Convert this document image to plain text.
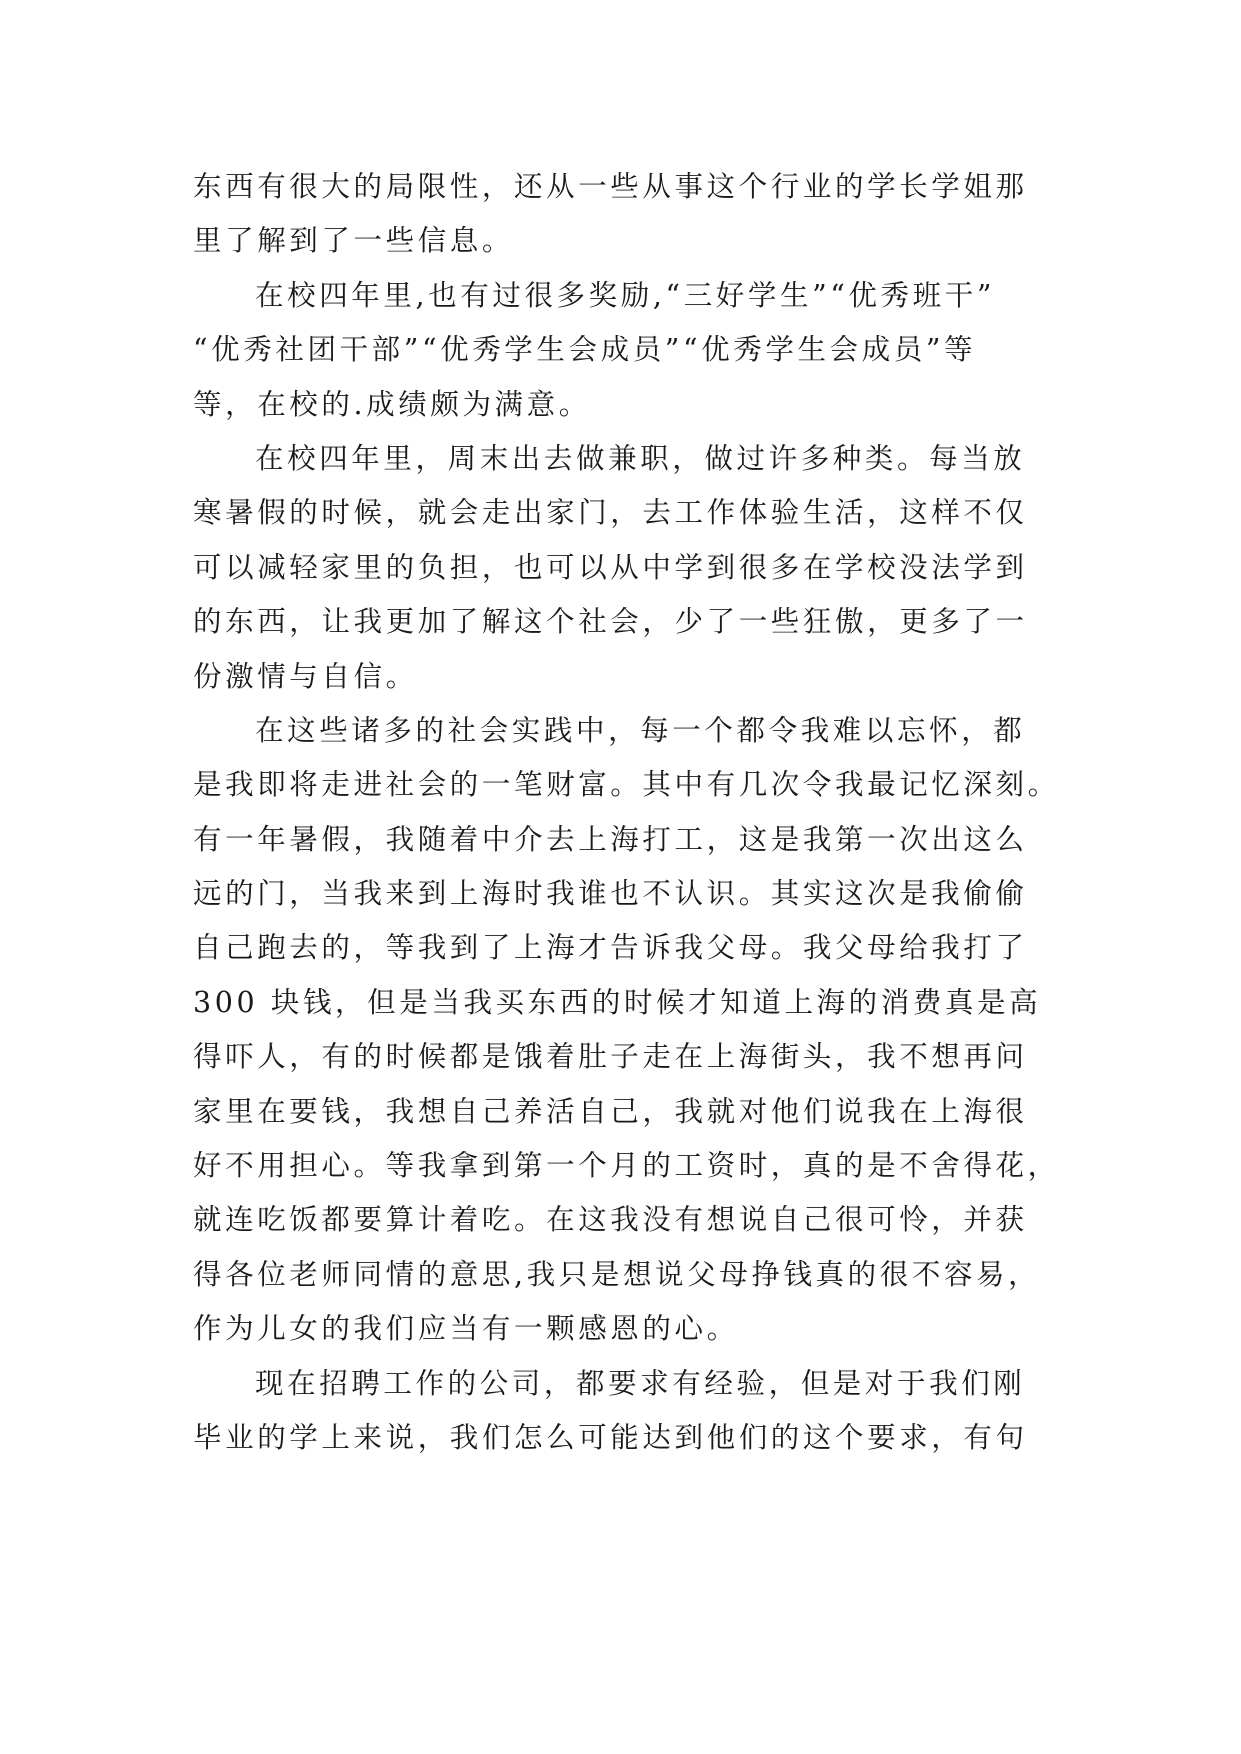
东西有很大的局限性，还从一些从事这个行业的学长学姐那
里了解到了一些信息。
在校四年里,也有过很多奖励,“三好学生”“优秀班干”
“优秀社团干部”“优秀学生会成员”“优秀学生会成员”等
等，在校的.成绩颇为满意。
在校四年里，周末出去做兼职，做过许多种类。每当放
寒暑假的时候，就会走出家门，去工作体验生活，这样不仅
可以减轻家里的负担，也可以从中学到很多在学校没法学到
的东西，让我更加了解这个社会，少了一些狂傲，更多了一
份激情与自信。
在这些诸多的社会实践中，每一个都令我难以忘怀，都
是我即将走进社会的一笔财富。其中有几次令我最记忆深刻。
有一年暑假，我随着中介去上海打工，这是我第一次出这么
远的门，当我来到上海时我谁也不认识。其实这次是我偷偷
自己跑去的，等我到了上海才告诉我父母。我父母给我打了
300 块钱，但是当我买东西的时候才知道上海的消费真是高
得吓人，有的时候都是饿着肚子走在上海街头，我不想再问
家里在要钱，我想自己养活自己，我就对他们说我在上海很
好不用担心。等我拿到第一个月的工资时，真的是不舍得花，
就连吃饭都要算计着吃。在这我没有想说自己很可怜，并获
得各位老师同情的意思,我只是想说父母挣钱真的很不容易，
作为儿女的我们应当有一颗感恩的心。
现在招聘工作的公司，都要求有经验，但是对于我们刚
毕业的学上来说，我们怎么可能达到他们的这个要求，有句
